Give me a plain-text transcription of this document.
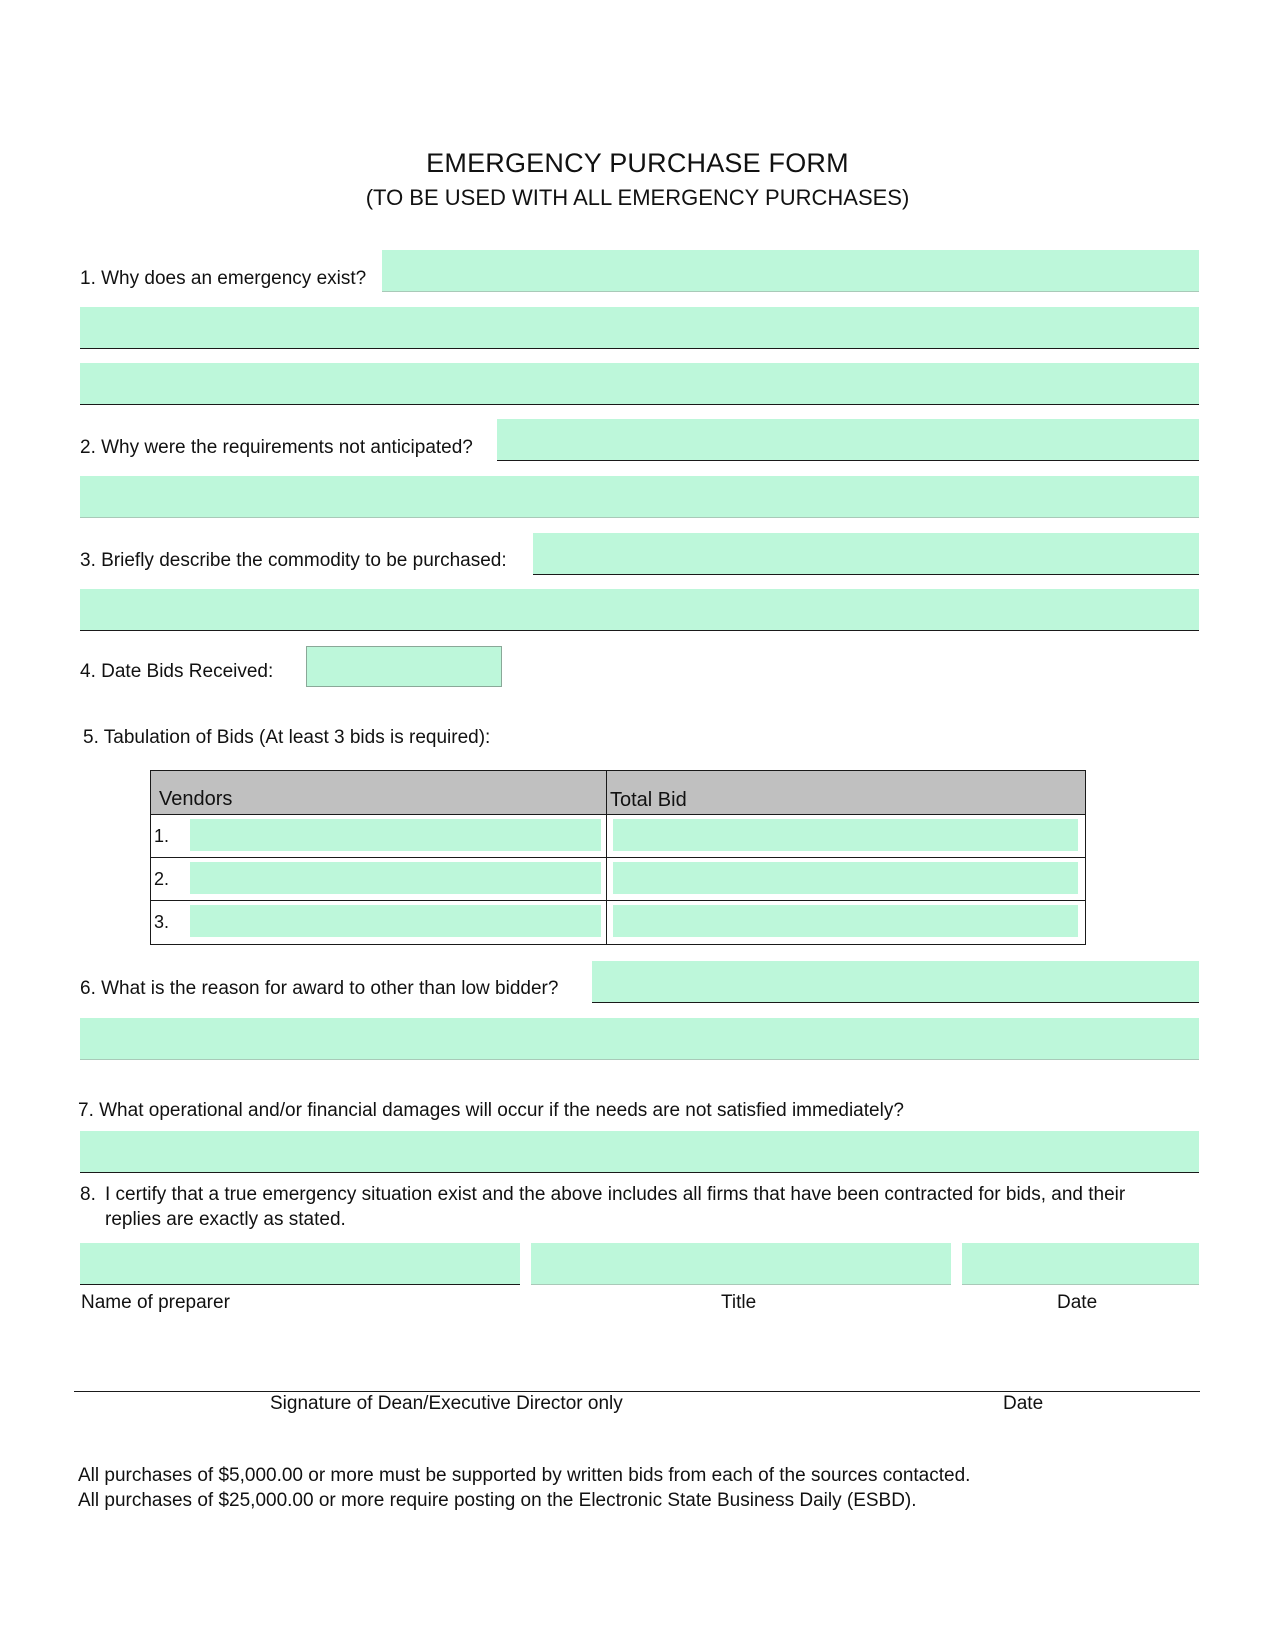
EMERGENCY PURCHASE FORM
(TO BE USED WITH ALL EMERGENCY PURCHASES)
1. Why does an emergency exist?
2. Why were the requirements not anticipated?
3. Briefly describe the commodity to be purchased:
4. Date Bids Received:
5. Tabulation of Bids (At least 3 bids is required):
Vendors	Total Bid
1.
2.
3.
6. What is the reason for award to other than low bidder?
7. What operational and/or financial damages will occur if the needs are not satisfied immediately?
8. I certify that a true emergency situation exist and the above includes all firms that have been contracted for bids, and their
replies are exactly as stated.
Name of preparer	Title	Date
Signature of Dean/Executive Director only	Date
All purchases of $5,000.00 or more must be supported by written bids from each of the sources contacted.
All purchases of $25,000.00 or more require posting on the Electronic State Business Daily (ESBD).
